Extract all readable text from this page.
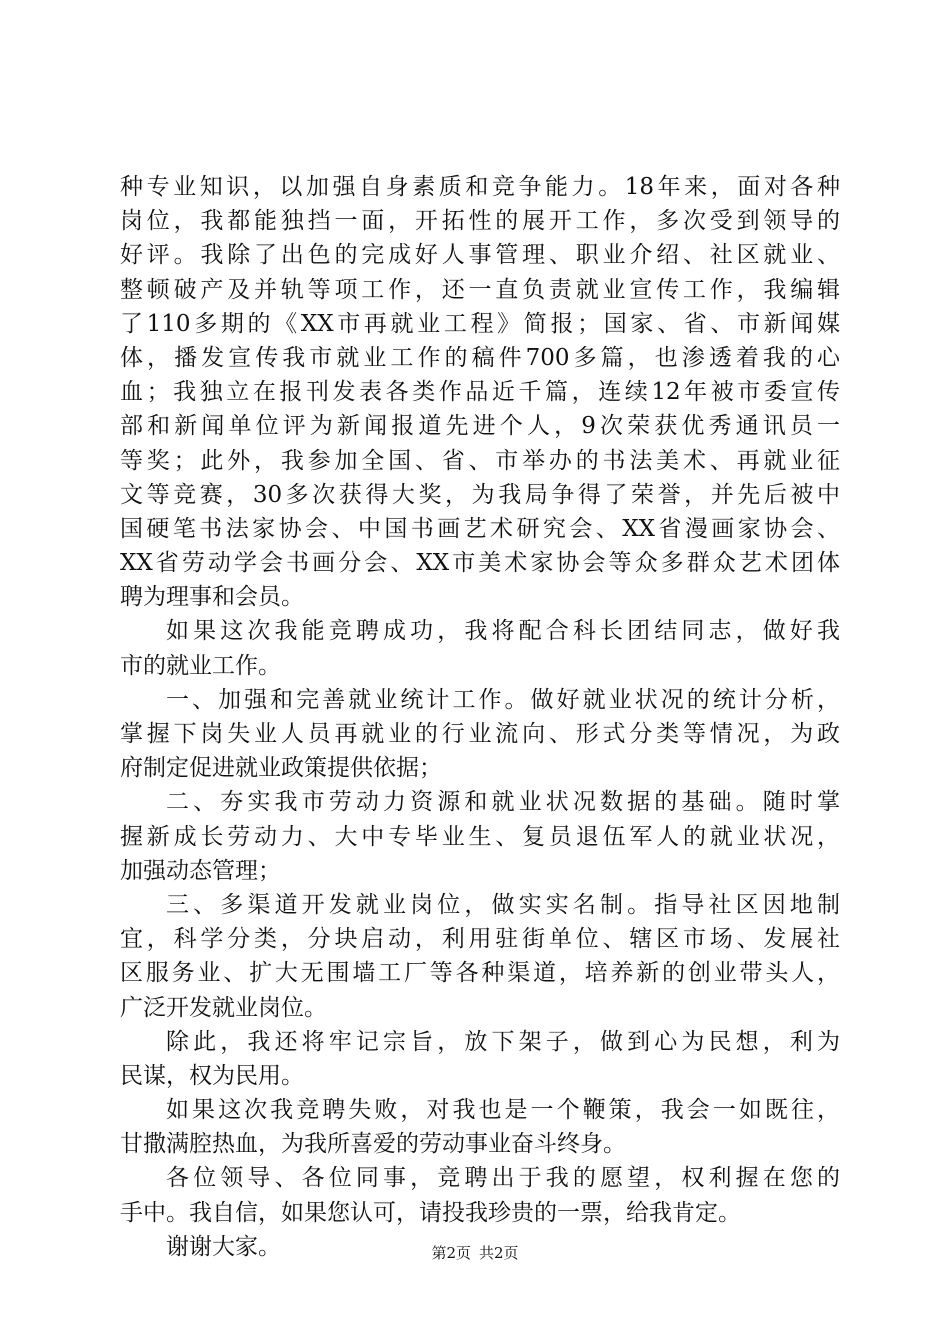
种专业知识，以加强自身素质和竞争能力。18年来，面对各种
岗位，我都能独挡一面，开拓性的展开工作，多次受到领导的
好评。我除了出色的完成好人事管理、职业介绍、社区就业、
整顿破产及并轨等项工作，还一直负责就业宣传工作，我编辑
了110多期的《XX市再就业工程》简报；国家、省、市新闻媒
体，播发宣传我市就业工作的稿件700多篇，也渗透着我的心
血；我独立在报刊发表各类作品近千篇，连续12年被市委宣传
部和新闻单位评为新闻报道先进个人，9次荣获优秀通讯员一
等奖；此外，我参加全国、省、市举办的书法美术、再就业征
文等竞赛，30多次获得大奖，为我局争得了荣誉，并先后被中
国硬笔书法家协会、中国书画艺术研究会、XX省漫画家协会、
XX省劳动学会书画分会、XX市美术家协会等众多群众艺术团体
聘为理事和会员。
如果这次我能竞聘成功，我将配合科长团结同志，做好我
市的就业工作。
一、加强和完善就业统计工作。做好就业状况的统计分析，
掌握下岗失业人员再就业的行业流向、形式分类等情况，为政
府制定促进就业政策提供依据；
二、夯实我市劳动力资源和就业状况数据的基础。随时掌
握新成长劳动力、大中专毕业生、复员退伍军人的就业状况，
加强动态管理；
三、多渠道开发就业岗位，做实实名制。指导社区因地制
宜，科学分类，分块启动，利用驻街单位、辖区市场、发展社
区服务业、扩大无围墙工厂等各种渠道，培养新的创业带头人，
广泛开发就业岗位。
除此，我还将牢记宗旨，放下架子，做到心为民想，利为
民谋，权为民用。
如果这次我竞聘失败，对我也是一个鞭策，我会一如既往，
甘撒满腔热血，为我所喜爱的劳动事业奋斗终身。
各位领导、各位同事，竞聘出于我的愿望，权利握在您的
手中。我自信，如果您认可，请投我珍贵的一票，给我肯定。
谢谢大家。	第2页 共2页
